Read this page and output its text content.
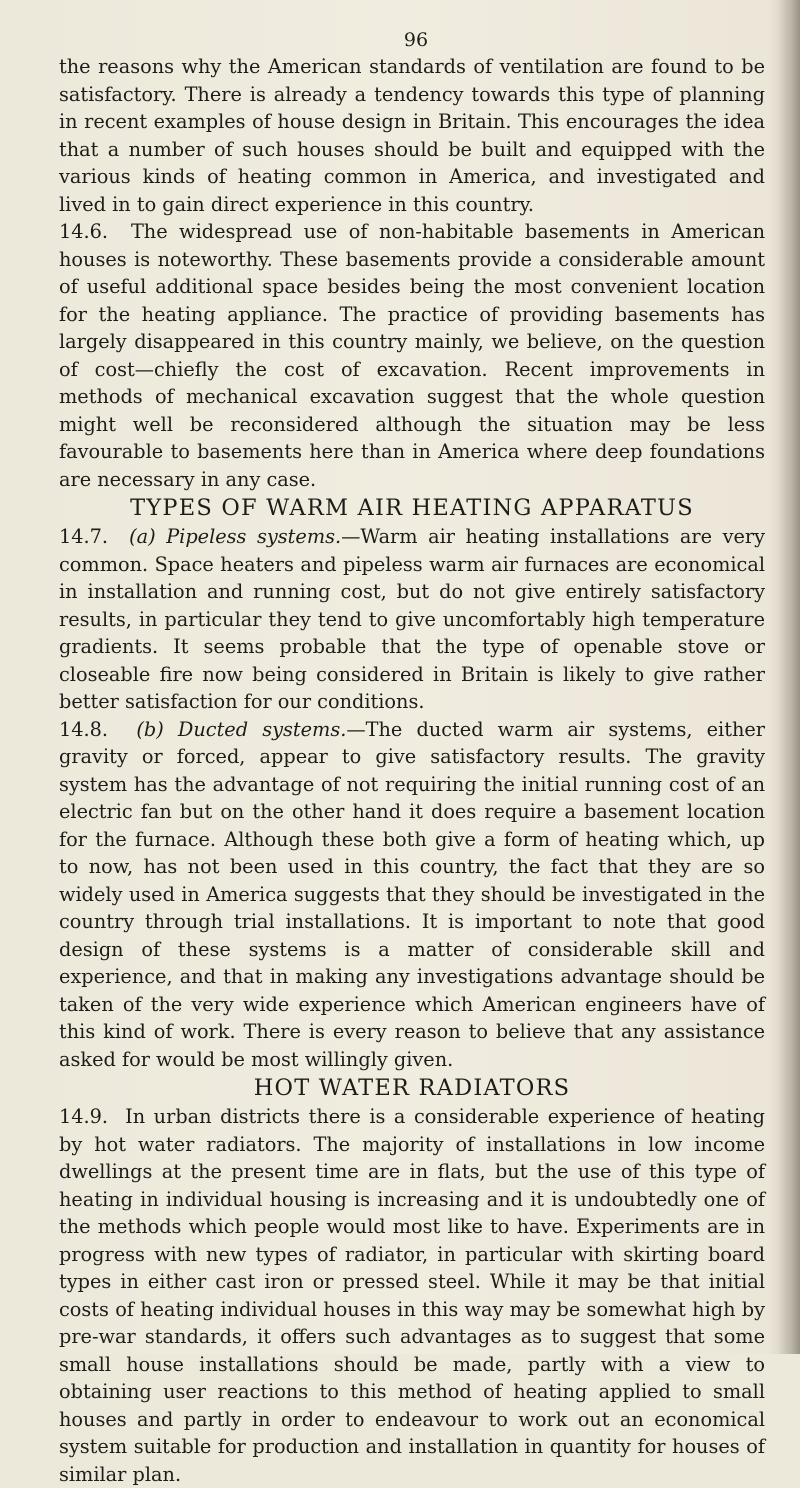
96

the reasons why the American standards of ventilation are found to be satisfactory. There is already a tendency towards this type of planning in recent examples of house design in Britain. This encourages the idea that a number of such houses should be built and equipped with the various kinds of heating common in America, and investigated and lived in to gain direct experience in this country.

14.6. The widespread use of non-habitable basements in American houses is noteworthy. These basements provide a considerable amount of useful additional space besides being the most convenient location for the heating appliance. The practice of providing basements has largely disappeared in this country mainly, we believe, on the question of cost—chiefly the cost of excavation. Recent improvements in methods of mechanical excavation suggest that the whole question might well be reconsidered although the situation may be less favourable to basements here than in America where deep foundations are necessary in any case.

TYPES OF WARM AIR HEATING APPARATUS

14.7. (a) Pipeless systems.—Warm air heating installations are very common. Space heaters and pipeless warm air furnaces are economical in installation and running cost, but do not give entirely satisfactory results, in particular they tend to give uncomfortably high temperature gradients. It seems probable that the type of openable stove or closeable fire now being considered in Britain is likely to give rather better satisfaction for our conditions.

14.8. (b) Ducted systems.—The ducted warm air systems, either gravity or forced, appear to give satisfactory results. The gravity system has the advantage of not requiring the initial running cost of an electric fan but on the other hand it does require a basement location for the furnace. Although these both give a form of heating which, up to now, has not been used in this country, the fact that they are so widely used in America suggests that they should be investigated in the country through trial installations. It is important to note that good design of these systems is a matter of considerable skill and experience, and that in making any investigations advantage should be taken of the very wide experience which American engineers have of this kind of work. There is every reason to believe that any assistance asked for would be most willingly given.

HOT WATER RADIATORS

14.9. In urban districts there is a considerable experience of heating by hot water radiators. The majority of installations in low income dwellings at the present time are in flats, but the use of this type of heating in individual housing is increasing and it is undoubtedly one of the methods which people would most like to have. Experiments are in progress with new types of radiator, in particular with skirting board types in either cast iron or pressed steel. While it may be that initial costs of heating individual houses in this way may be somewhat high by pre-war standards, it offers such advantages as to suggest that some small house installations should be made, partly with a view to obtaining user reactions to this method of heating applied to small houses and partly in order to endeavour to work out an economical system suitable for production and installation in quantity for houses of similar plan.
